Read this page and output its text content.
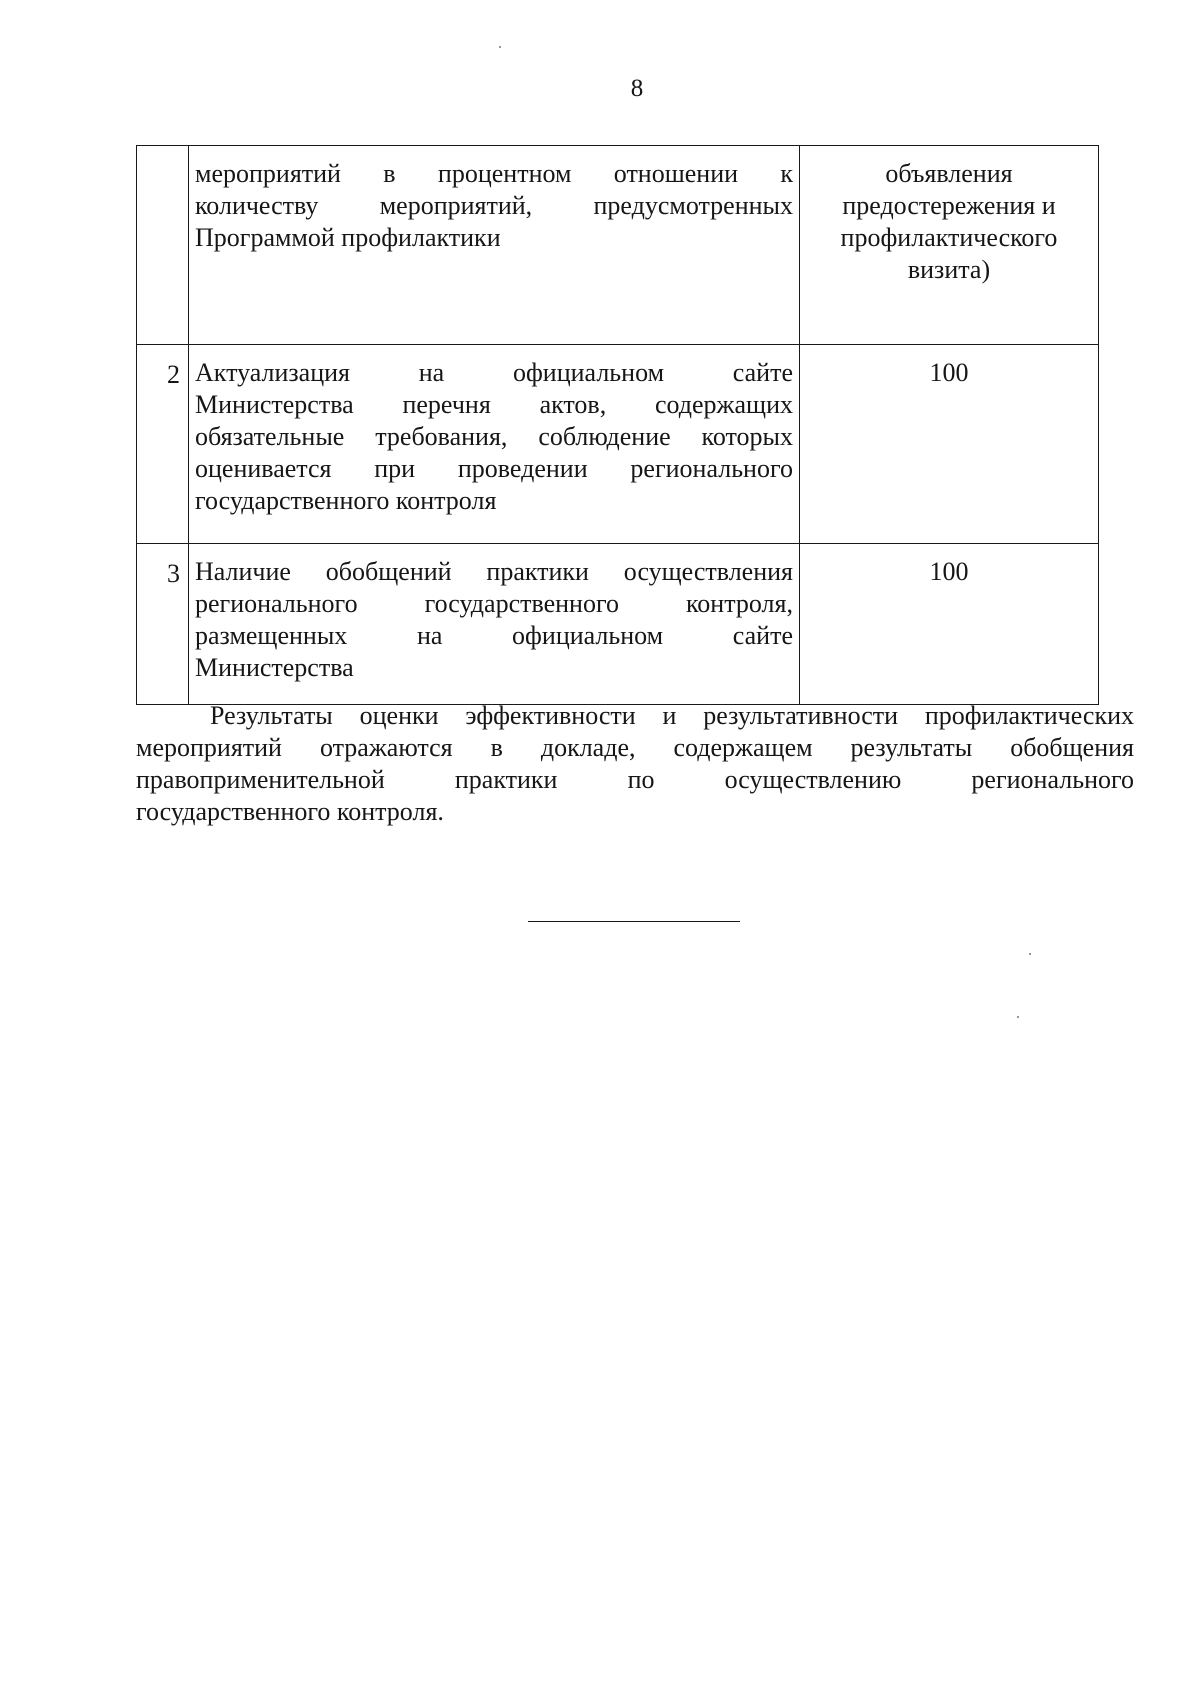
8

	мероприятий в процентном отношении к
количеству мероприятий, предусмотренных
Программой профилактики	объявления
предостережения и
профилактического
визита)

2	Актуализация на официальном сайте
Министерства перечня актов, содержащих
обязательные требования, соблюдение которых
оценивается при проведении регионального
государственного контроля	100

3	Наличие обобщений практики осуществления
регионального государственного контроля,
размещенных на официальном сайте
Министерства	100
Результаты оценки эффективности и результативности профилактических
мероприятий отражаются в докладе, содержащем результаты обобщения
правоприменительной практики по осуществлению регионального
государственного контроля.
